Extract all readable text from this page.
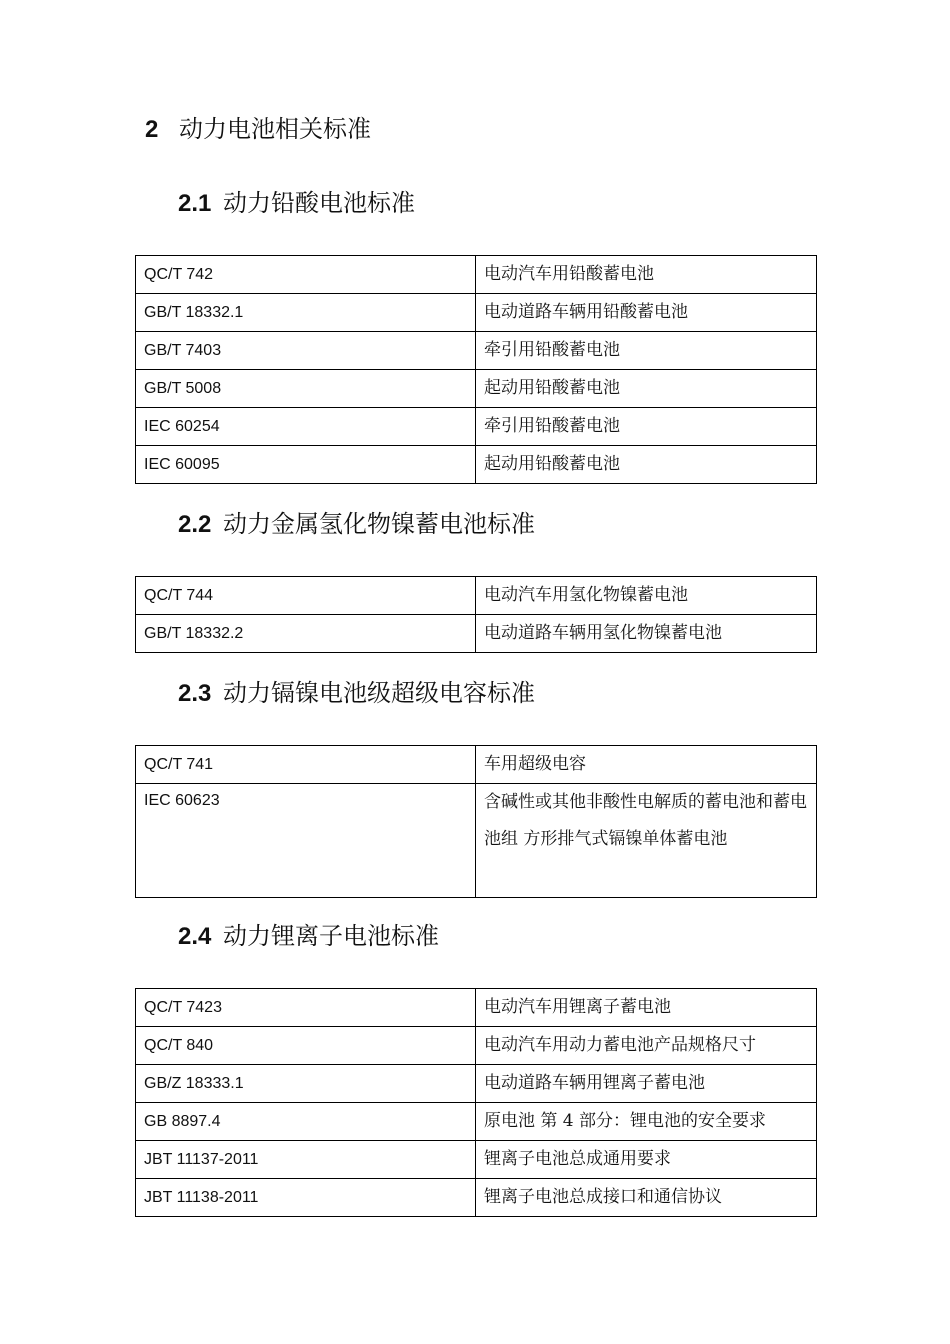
2 动力电池相关标准
2.1 动力铅酸电池标准
QC/T 742	电动汽车用铅酸蓄电池
GB/T 18332.1	电动道路车辆用铅酸蓄电池
GB/T 7403	牵引用铅酸蓄电池
GB/T 5008	起动用铅酸蓄电池
IEC 60254	牵引用铅酸蓄电池
IEC 60095	起动用铅酸蓄电池
2.2 动力金属氢化物镍蓄电池标准
QC/T 744	电动汽车用氢化物镍蓄电池
GB/T 18332.2	电动道路车辆用氢化物镍蓄电池
2.3 动力镉镍电池级超级电容标准
QC/T 741	车用超级电容
IEC 60623	含碱性或其他非酸性电解质的蓄电池和蓄电池组 方形排气式镉镍单体蓄电池
2.4 动力锂离子电池标准
QC/T 7423	电动汽车用锂离子蓄电池
QC/T 840	电动汽车用动力蓄电池产品规格尺寸
GB/Z 18333.1	电动道路车辆用锂离子蓄电池
GB 8897.4	原电池 第 4 部分：锂电池的安全要求
JBT 11137-2011	锂离子电池总成通用要求
JBT 11138-2011	锂离子电池总成接口和通信协议
